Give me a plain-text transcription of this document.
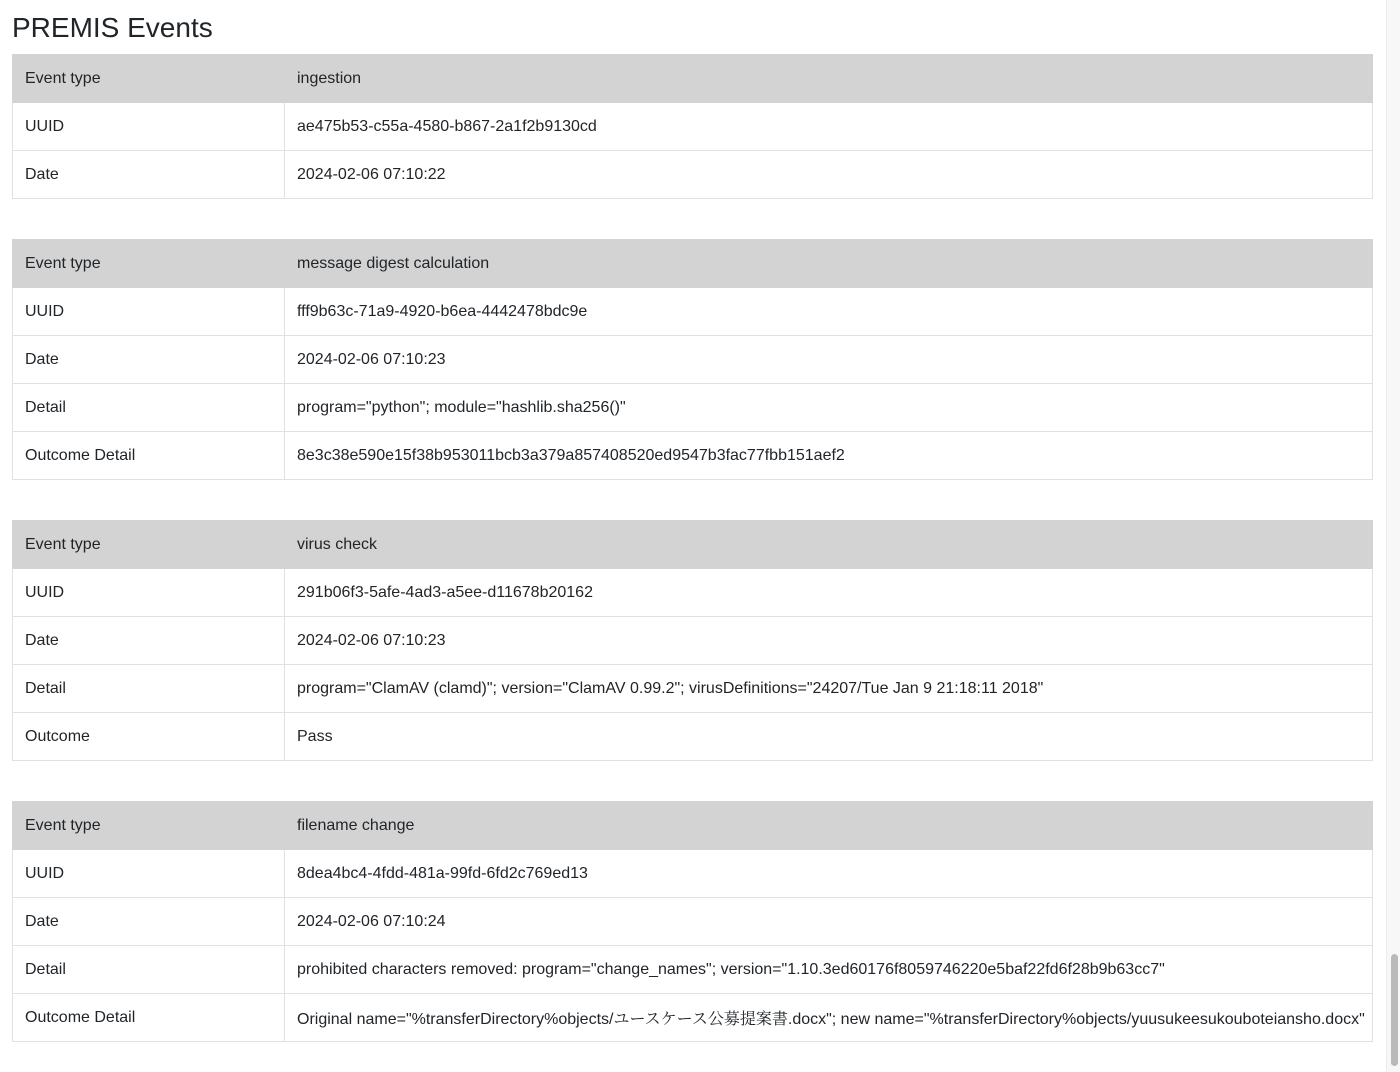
PREMIS Events
Event type	ingestion
UUID	ae475b53-c55a-4580-b867-2a1f2b9130cd
Date	2024-02-06 07:10:22
Event type	message digest calculation
UUID	fff9b63c-71a9-4920-b6ea-4442478bdc9e
Date	2024-02-06 07:10:23
Detail	program="python"; module="hashlib.sha256()"
Outcome Detail	8e3c38e590e15f38b953011bcb3a379a857408520ed9547b3fac77fbb151aef2
Event type	virus check
UUID	291b06f3-5afe-4ad3-a5ee-d11678b20162
Date	2024-02-06 07:10:23
Detail	program="ClamAV (clamd)"; version="ClamAV 0.99.2"; virusDefinitions="24207/Tue Jan 9 21:18:11 2018"
Outcome	Pass
Event type	filename change
UUID	8dea4bc4-4fdd-481a-99fd-6fd2c769ed13
Date	2024-02-06 07:10:24
Detail	prohibited characters removed: program="change_names"; version="1.10.3ed60176f8059746220e5baf22fd6f28b9b63cc7"
Outcome Detail	Original name="%transferDirectory%objects/ユースケース公募提案書.docx"; new name="%transferDirectory%objects/yuusukeesukouboteiansho.docx"
